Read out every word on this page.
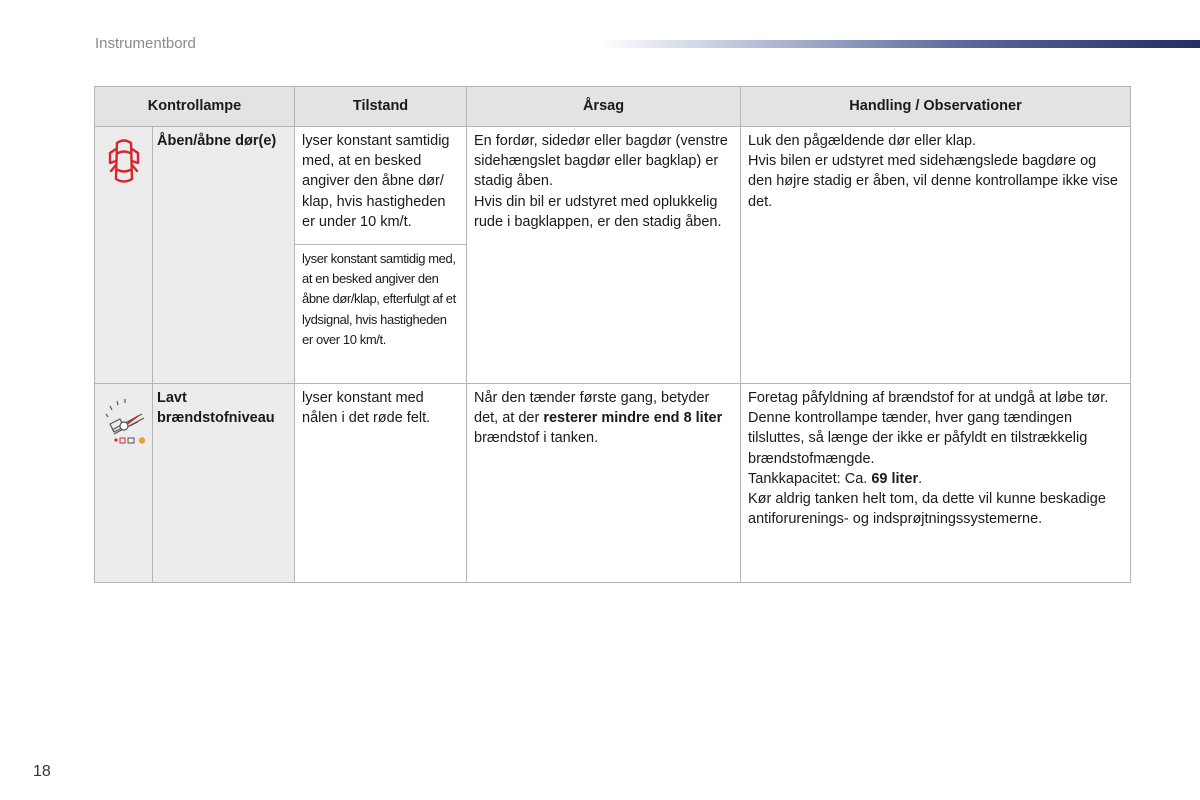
Instrumentbord
Kontrollampe		Tilstand	Årsag	Handling / Observationer
	Åben/åbne dør(e)	lyser konstant samtidig med, at en besked angiver den åbne dør/ klap, hvis hastigheden er under 10 km/t.	En fordør, sidedør eller bagdør (venstre sidehængslet bagdør eller bagklap) er stadig åben.
Hvis din bil er udstyret med oplukkelig rude i bagklappen, er den stadig åben.	Luk den pågældende dør eller klap.
Hvis bilen er udstyret med sidehængslede bagdøre og den højre stadig er åben, vil denne kontrollampe ikke vise det.
		lyser konstant samtidig med, at en besked angiver den åbne dør/klap, efterfulgt af et lydsignal, hvis hastigheden er over 10 km/t.		
	Lavt brændstofniveau	lyser konstant med nålen i det røde felt.	Når den tænder første gang, betyder det, at der resterer mindre end 8 liter brændstof i tanken.	Foretag påfyldning af brændstof for at undgå at løbe tør.
Denne kontrollampe tænder, hver gang tændingen tilsluttes, så længe der ikke er påfyldt en tilstrækkelig brændstofmængde.
Tankkapacitet: Ca. 69 liter.
Kør aldrig tanken helt tom, da dette vil kunne beskadige antiforurenings- og indsprøjtningssystemerne.
18
